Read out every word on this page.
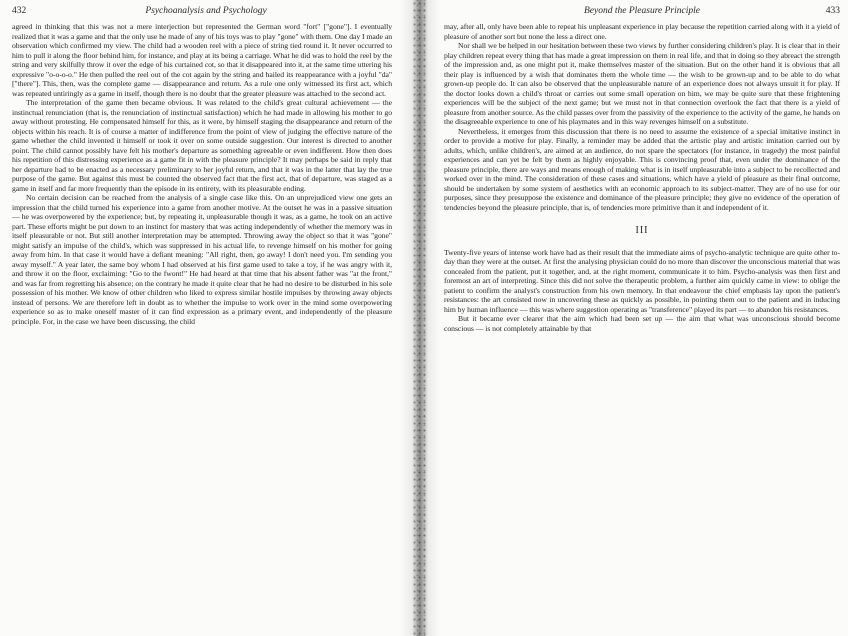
432	Psychoanalysis and Psychology

agreed in thinking that this was not a mere interjection but represented the German word "fort" ["gone"]. I eventually realized that it was a game and that the only use he made of any of his toys was to play "gone" with them. One day I made an observation which confirmed my view. The child had a wooden reel with a piece of string tied round it. It never occurred to him to pull it along the floor behind him, for instance, and play at its being a carriage. What he did was to hold the reel by the string and very skilfully throw it over the edge of his curtained cot, so that it disappeared into it, at the same time uttering his expressive "o-o-o-o." He then pulled the reel out of the cot again by the string and hailed its reappearance with a joyful "da" ["there"]. This, then, was the complete game — disappearance and return. As a rule one only witnessed its first act, which was repeated untiringly as a game in itself, though there is no doubt that the greater pleasure was attached to the second act.

The interpretation of the game then became obvious. It was related to the child's great cultural achievement — the instinctual renunciation (that is, the renunciation of instinctual satisfaction) which he had made in allowing his mother to go away without protesting. He compensated himself for this, as it were, by himself staging the disappearance and return of the objects within his reach. It is of course a matter of indifference from the point of view of judging the effective nature of the game whether the child invented it himself or took it over on some outside suggestion. Our interest is directed to another point. The child cannot possibly have felt his mother's departure as something agreeable or even indifferent. How then does his repetition of this distressing experience as a game fit in with the pleasure principle? It may perhaps be said in reply that her departure had to be enacted as a necessary preliminary to her joyful return, and that it was in the latter that lay the true purpose of the game. But against this must be counted the observed fact that the first act, that of departure, was staged as a game in itself and far more frequently than the episode in its entirety, with its pleasurable ending.

No certain decision can be reached from the analysis of a single case like this. On an unprejudiced view one gets an impression that the child turned his experience into a game from another motive. At the outset he was in a passive situation — he was overpowered by the experience; but, by repeating it, unpleasurable though it was, as a game, he took on an active part. These efforts might be put down to an instinct for mastery that was acting independently of whether the memory was in itself pleasurable or not. But still another interpretation may be attempted. Throwing away the object so that it was "gone" might satisfy an impulse of the child's, which was suppressed in his actual life, to revenge himself on his mother for going away from him. In that case it would have a defiant meaning: "All right, then, go away! I don't need you. I'm sending you away myself." A year later, the same boy whom I had observed at his first game used to take a toy, if he was angry with it, and throw it on the floor, exclaiming: "Go to the fwont!" He had heard at that time that his absent father was "at the front," and was far from regretting his absence; on the contrary he made it quite clear that he had no desire to be disturbed in his sole possession of his mother. We know of other children who liked to express similar hostile impulses by throwing away objects instead of persons. We are therefore left in doubt as to whether the impulse to work over in the mind some overpowering experience so as to make oneself master of it can find expression as a primary event, and independently of the pleasure principle. For, in the case we have been discussing, the child

Beyond the Pleasure Principle	433

may, after all, only have been able to repeat his unpleasant experience in play because the repetition carried along with it a yield of pleasure of another sort but none the less a direct one.

Nor shall we be helped in our hesitation between these two views by further considering children's play. It is clear that in their play children repeat every thing that has made a great impression on them in real life, and that in doing so they abreact the strength of the impression and, as one might put it, make themselves master of the situation. But on the other hand it is obvious that all their play is influenced by a wish that dominates them the whole time — the wish to be grown-up and to be able to do what grown-up people do. It can also be observed that the unpleasurable nature of an experience does not always unsuit it for play. If the doctor looks down a child's throat or carries out some small operation on him, we may be quite sure that these frightening experiences will be the subject of the next game; but we must not in that connection overlook the fact that there is a yield of pleasure from another source. As the child passes over from the passivity of the experience to the activity of the game, he hands on the disagreeable experience to one of his playmates and in this way revenges himself on a substitute.

Nevertheless, it emerges from this discussion that there is no need to assume the existence of a special imitative instinct in order to provide a motive for play. Finally, a reminder may be added that the artistic play and artistic imitation carried out by adults, which, unlike children's, are aimed at an audience, do not spare the spectators (for instance, in tragedy) the most painful experiences and can yet be felt by them as highly enjoyable. This is convincing proof that, even under the dominance of the pleasure principle, there are ways and means enough of making what is in itself unpleasurable into a subject to be recollected and worked over in the mind. The consideration of these cases and situations, which have a yield of pleasure as their final outcome, should be undertaken by some system of aesthetics with an economic approach to its subject-matter. They are of no use for our purposes, since they presuppose the existence and dominance of the pleasure principle; they give no evidence of the operation of tendencies beyond the pleasure principle, that is, of tendencies more primitive than it and independent of it.

III

Twenty-five years of intense work have had as their result that the immediate aims of psycho-analytic technique are quite other to-day than they were at the outset. At first the analysing physician could do no more than discover the unconscious material that was concealed from the patient, put it together, and, at the right moment, communicate it to him. Psycho-analysis was then first and foremost an art of interpreting. Since this did not solve the therapeutic problem, a further aim quickly came in view: to oblige the patient to confirm the analyst's construction from his own memory. In that endeavour the chief emphasis lay upon the patient's resistances: the art consisted now in uncovering these as quickly as possible, in pointing them out to the patient and in inducing him by human influence — this was where suggestion operating as "transference" played its part — to abandon his resistances.

But it became ever clearer that the aim which had been set up — the aim that what was unconscious should become conscious — is not completely attainable by that
